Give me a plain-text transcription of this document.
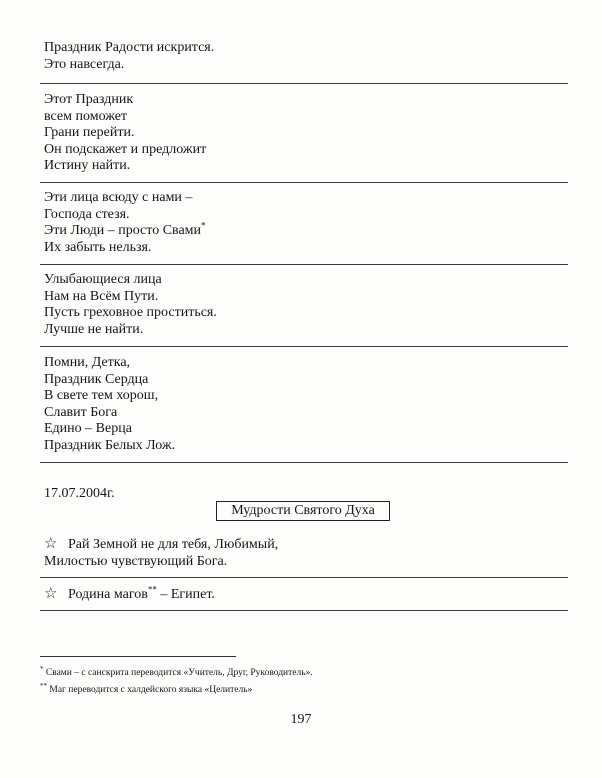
Праздник Радости искрится.
Это навсегда.
Этот Праздник
всем поможет
Грани перейти.
Он подскажет и предложит
Истину найти.
Эти лица всюду с нами –
Господа стезя.
Эти Люди – просто Свами*
Их забыть нельзя.
Улыбающиеся лица
Нам на Всём Пути.
Пусть греховное проститься.
Лучше не найти.
Помни, Детка,
Праздник Сердца
В свете тем хорош,
Славит Бога
Едино – Верца
Праздник Белых Лож.
17.07.2004г.
Мудрости Святого Духа
☆ Рай Земной не для тебя, Любимый,
Милостью чувствующий Бога.
☆ Родина магов** – Египет.
* Свами – с санскрита переводится «Учитель, Друг, Руководитель».
** Маг переводится с халдейского языка «Целитель»
197
